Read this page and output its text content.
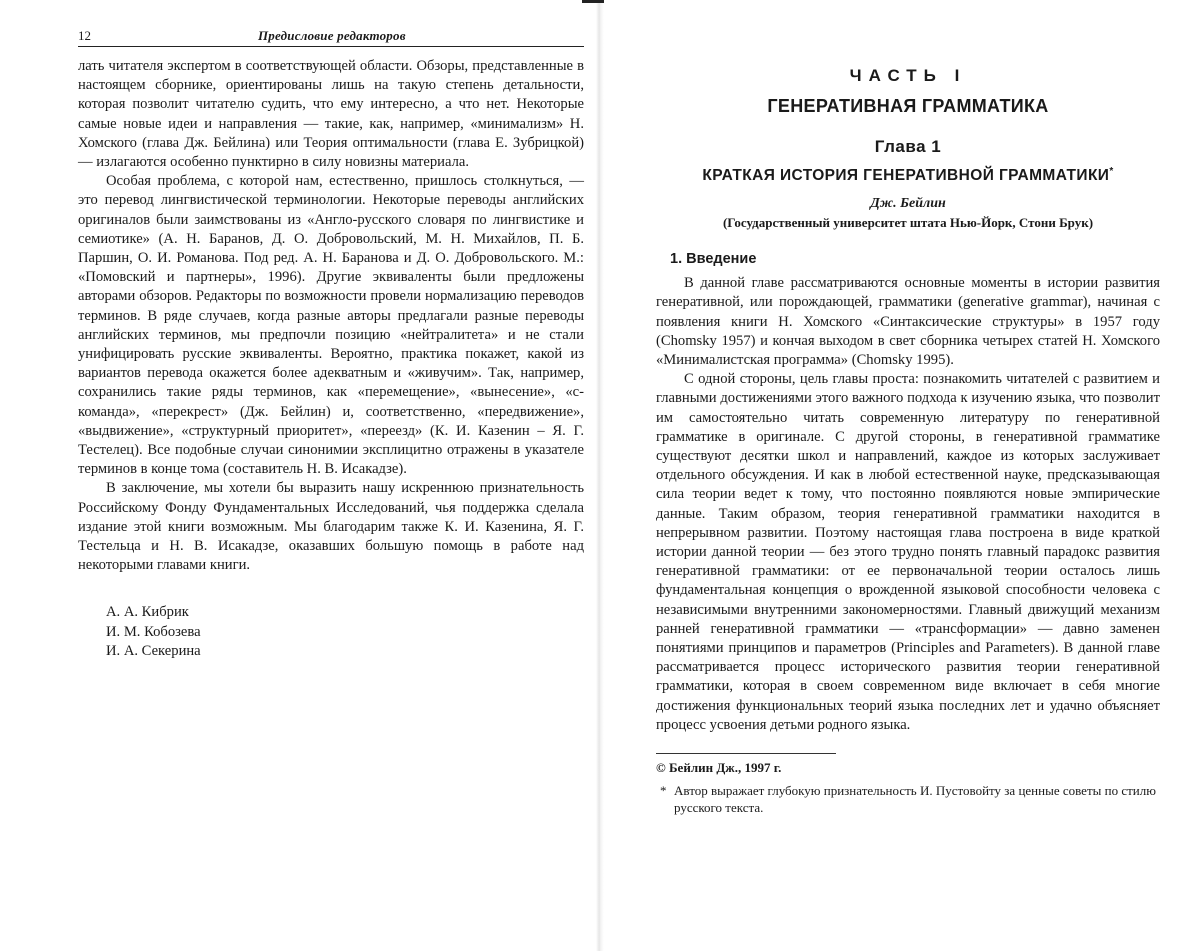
12	Предисловие редакторов

лать читателя экспертом в соответствующей области. Обзоры, представленные в настоящем сборнике, ориентированы лишь на такую степень детальности, которая позволит читателю судить, что ему интересно, а что нет. Некоторые самые новые идеи и направления — такие, как, например, «минимализм» Н. Хомского (глава Дж. Бейлина) или Теория оптимальности (глава Е. Зубрицкой) — излагаются особенно пунктирно в силу новизны материала.

Особая проблема, с которой нам, естественно, пришлось столкнуться, — это перевод лингвистической терминологии. Некоторые переводы английских оригиналов были заимствованы из «Англо-русского словаря по лингвистике и семиотике» (А. Н. Баранов, Д. О. Добровольский, М. Н. Михайлов, П. Б. Паршин, О. И. Романова. Под ред. А. Н. Баранова и Д. О. Добровольского. М.: «Помовский и партнеры», 1996). Другие эквиваленты были предложены авторами обзоров. Редакторы по возможности провели нормализацию переводов терминов. В ряде случаев, когда разные авторы предлагали разные переводы английских терминов, мы предпочли позицию «нейтралитета» и не стали унифицировать русские эквиваленты. Вероятно, практика покажет, какой из вариантов перевода окажется более адекватным и «живучим». Так, например, сохранились такие ряды терминов, как «перемещение», «вынесение», «с-команда», «перекрест» (Дж. Бейлин) и, соответственно, «передвижение», «выдвижение», «структурный приоритет», «переезд» (К. И. Казенин – Я. Г. Тестелец). Все подобные случаи синонимии эксплицитно отражены в указателе терминов в конце тома (составитель Н. В. Исакадзе).

В заключение, мы хотели бы выразить нашу искреннюю признательность Российскому Фонду Фундаментальных Исследований, чья поддержка сделала издание этой книги возможным. Мы благодарим также К. И. Казенина, Я. Г. Тестельца и Н. В. Исакадзе, оказавших большую помощь в работе над некоторыми главами книги.

А. А. Кибрик
И. М. Кобозева
И. А. Секерина
ЧАСТЬ I
ГЕНЕРАТИВНАЯ ГРАММАТИКА
Глава 1
КРАТКАЯ ИСТОРИЯ ГЕНЕРАТИВНОЙ ГРАММАТИКИ*
Дж. Бейлин
(Государственный университет штата Нью-Йорк, Стони Брук)
1. Введение

В данной главе рассматриваются основные моменты в истории развития генеративной, или порождающей, грамматики (generative grammar), начиная с появления книги Н. Хомского «Синтаксические структуры» в 1957 году (Chomsky 1957) и кончая выходом в свет сборника четырех статей Н. Хомского «Минималистская программа» (Chomsky 1995).

С одной стороны, цель главы проста: познакомить читателей с развитием и главными достижениями этого важного подхода к изучению языка, что позволит им самостоятельно читать современную литературу по генеративной грамматике в оригинале. С другой стороны, в генеративной грамматике существуют десятки школ и направлений, каждое из которых заслуживает отдельного обсуждения. И как в любой естественной науке, предсказывающая сила теории ведет к тому, что постоянно появляются новые эмпирические данные. Таким образом, теория генеративной грамматики находится в непрерывном развитии. Поэтому настоящая глава построена в виде краткой истории данной теории — без этого трудно понять главный парадокс развития генеративной грамматики: от ее первоначальной теории осталось лишь фундаментальная концепция о врожденной языковой способности человека с независимыми внутренними закономерностями. Главный движущий механизм ранней генеративной грамматики — «трансформации» — давно заменен понятиями принципов и параметров (Principles and Parameters). В данной главе рассматривается процесс исторического развития теории генеративной грамматики, которая в своем современном виде включает в себя многие достижения функциональных теорий языка последних лет и удачно объясняет процесс усвоения детьми родного языка.

© Бейлин Дж., 1997 г.
* Автор выражает глубокую признательность И. Пустовойту за ценные советы по стилю русского текста.
